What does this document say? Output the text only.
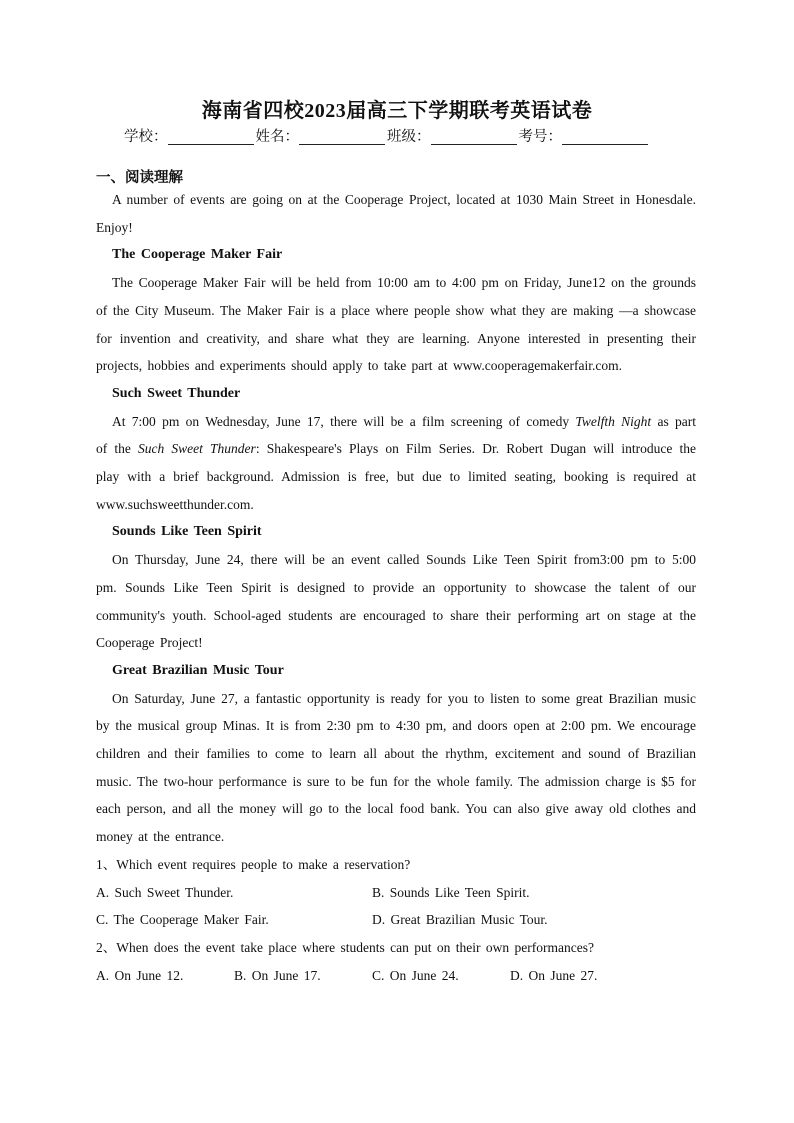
海南省四校2023届高三下学期联考英语试卷
学校：	姓名：	班级：	考号：
一、阅读理解

A number of events are going on at the Cooperage Project, located at 1030 Main Street in Honesdale. Enjoy!

The Cooperage Maker Fair

The Cooperage Maker Fair will be held from 10:00 am to 4:00 pm on Friday, June12 on the grounds of the City Museum. The Maker Fair is a place where people show what they are making —a showcase for invention and creativity, and share what they are learning. Anyone interested in presenting their projects, hobbies and experiments should apply to take part at www.cooperagemakerfair.com.

Such Sweet Thunder

At 7:00 pm on Wednesday, June 17, there will be a film screening of comedy Twelfth Night as part of the Such Sweet Thunder: Shakespeare's Plays on Film Series. Dr. Robert Dugan will introduce the play with a brief background. Admission is free, but due to limited seating, booking is required at www.suchsweetthunder.com.

Sounds Like Teen Spirit

On Thursday, June 24, there will be an event called Sounds Like Teen Spirit from3:00 pm to 5:00 pm. Sounds Like Teen Spirit is designed to provide an opportunity to showcase the talent of our community's youth. School-aged students are encouraged to share their performing art on stage at the Cooperage Project!

Great Brazilian Music Tour

On Saturday, June 27, a fantastic opportunity is ready for you to listen to some great Brazilian music by the musical group Minas. It is from 2:30 pm to 4:30 pm, and doors open at 2:00 pm. We encourage children and their families to come to learn all about the rhythm, excitement and sound of Brazilian music. The two-hour performance is sure to be fun for the whole family. The admission charge is $5 for each person, and all the money will go to the local food bank. You can also give away old clothes and money at the entrance.

1、Which event requires people to make a reservation?

A. Such Sweet Thunder.	B. Sounds Like Teen Spirit.
C. The Cooperage Maker Fair.	D. Great Brazilian Music Tour.

2、When does the event take place where students can put on their own performances?

A. On June 12.	B. On June 17.	C. On June 24.	D. On June 27.
